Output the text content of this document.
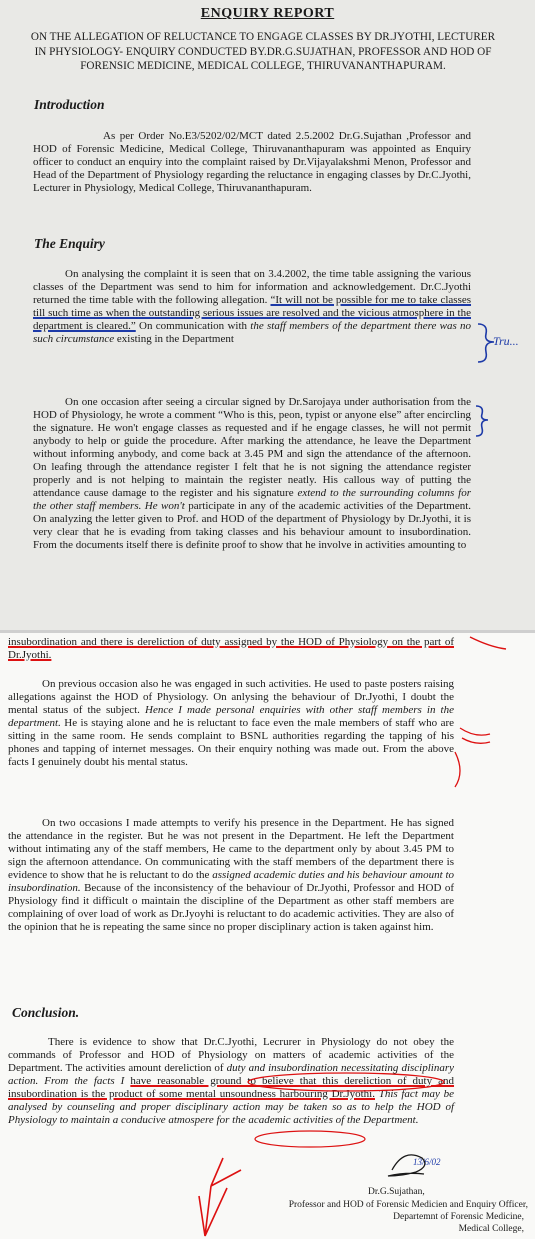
ENQUIRY REPORT
ON THE ALLEGATION OF RELUCTANCE TO ENGAGE CLASSES BY DR.JYOTHI, LECTURER IN PHYSIOLOGY- ENQUIRY CONDUCTED BY.DR.G.SUJATHAN, PROFESSOR AND HOD OF FORENSIC MEDICINE, MEDICAL COLLEGE, THIRUVANANTHAPURAM.
Introduction
As per Order No.E3/5202/02/MCT dated 2.5.2002 Dr.G.Sujathan ,Professor and HOD of Forensic Medicine, Medical College, Thiruvananthapuram was appointed as Enquiry officer to conduct an enquiry into the complaint raised by Dr.Vijayalakshmi Menon, Professor and Head of the Department of Physiology regarding the reluctance in engaging classes by Dr.C.Jyothi, Lecturer in Physiology, Medical College, Thiruvananthapuram.
The Enquiry
On analysing the complaint it is seen that on 3.4.2002, the time table assigning the various classes of the Department was send to him for information and acknowledgement. Dr.C.Jyothi returned the time table with the following allegation. “It will not be possible for me to take classes till such time as when the outstanding serious issues are resolved and the vicious atmosphere in the department is cleared.” On communication with the staff members of the department there was no such circumstance existing in the Department
On one occasion after seeing a circular signed by Dr.Sarojaya under authorisation from the HOD of Physiology, he wrote a comment “Who is this, peon, typist or anyone else” after encircling the signature. He won't engage classes as requested and if he engage classes, he will not permit anybody to help or guide the procedure. After marking the attendance, he leave the Department without informing anybody, and come back at 3.45 PM and sign the attendance of the afternoon. On leafing through the attendance register I felt that he is not signing the attendance register properly and is not helping to maintain the register neatly. His callous way of putting the attendance cause damage to the register and his signature extend to the surrounding columns for the other staff members. He won't participate in any of the academic activities of the Department. On analyzing the letter given to Prof. and HOD of the department of Physiology by Dr.Jyothi, it is very clear that he is evading from taking classes and his behaviour amount to insubordination. From the documents itself there is definite proof to show that he involve in activities amounting to
insubordination and there is dereliction of duty assigned by the HOD of Physiology on the part of Dr.Jyothi.
On previous occasion also he was engaged in such activities. He used to paste posters raising allegations against the HOD of Physiology. On anlysing the behaviour of Dr.Jyothi, I doubt the mental status of the subject. Hence I made personal enquiries with other staff members in the department. He is staying alone and he is reluctant to face even the male members of staff who are sitting in the same room. He sends complaint to BSNL authorities regarding the tapping of his phones and tapping of internet messages. On their enquiry nothing was made out. From the above facts I genuinely doubt his mental status.
On two occasions I made attempts to verify his presence in the Department. He has signed the attendance in the register. But he was not present in the Department. He left the Department without intimating any of the staff members, He came to the department only by about 3.45 PM to sign the afternoon attendance. On communicating with the staff members of the department there is evidence to show that he is reluctant to do the assigned academic duties and his behaviour amount to insubordination. Because of the inconsistency of the behaviour of Dr.Jyothi, Professor and HOD of Physiology find it difficult o maintain the discipline of the Department as other staff members are complaining of over load of work as Dr.Jyoyhi is reluctant to do academic activities. They are also of the opinion that he is repeating the same since no proper disciplinary action is taken against him.
Conclusion.
There is evidence to show that Dr.C.Jyothi, Lecrurer in Physiology do not obey the commands of Professor and HOD of Physiology on matters of academic activities of the Department. The activities amount dereliction of duty and insubordination necessitating disciplinary action. From the facts I have reasonable ground to believe that this dereliction of duty and insubordination is the product of some mental unsoundness harbouring Dr.Jyothi. This fact may be analysed by counseling and proper disciplinary action may be taken so as to help the HOD of Physiology to maintain a conducive atmospere for the academic activities of the Department.
13/6/02
Dr.G.Sujathan,
Professor and HOD of Forensic Medicien and Enquiry Officer,
Departemnt of Forensic Medicine,
Medical College,
Tru...
